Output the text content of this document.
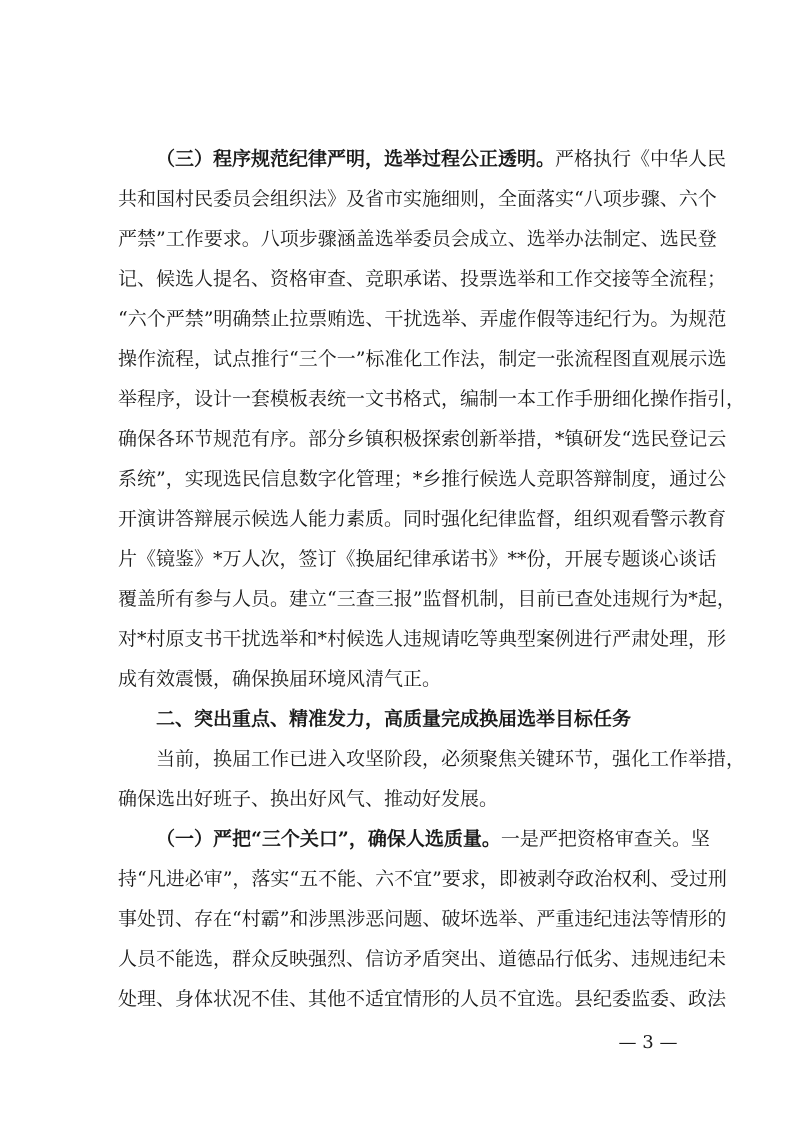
（三）程序规范纪律严明，选举过程公正透明。严格执行《中华人民
共和国村民委员会组织法》及省市实施细则，全面落实“八项步骤、六个
严禁”工作要求。八项步骤涵盖选举委员会成立、选举办法制定、选民登
记、候选人提名、资格审查、竞职承诺、投票选举和工作交接等全流程；
“六个严禁”明确禁止拉票贿选、干扰选举、弄虚作假等违纪行为。为规范
操作流程，试点推行“三个一”标准化工作法，制定一张流程图直观展示选
举程序，设计一套模板表统一文书格式，编制一本工作手册细化操作指引，
确保各环节规范有序。部分乡镇积极探索创新举措，*镇研发“选民登记云
系统”，实现选民信息数字化管理；*乡推行候选人竞职答辩制度，通过公
开演讲答辩展示候选人能力素质。同时强化纪律监督，组织观看警示教育
片《镜鉴》*万人次，签订《换届纪律承诺书》**份，开展专题谈心谈话
覆盖所有参与人员。建立“三查三报”监督机制，目前已查处违规行为*起，
对*村原支书干扰选举和*村候选人违规请吃等典型案例进行严肃处理，形
成有效震慑，确保换届环境风清气正。
二、突出重点、精准发力，高质量完成换届选举目标任务
当前，换届工作已进入攻坚阶段，必须聚焦关键环节，强化工作举措，
确保选出好班子、换出好风气、推动好发展。
（一）严把“三个关口”，确保人选质量。一是严把资格审查关。坚
持“凡进必审”，落实“五不能、六不宜”要求，即被剥夺政治权利、受过刑
事处罚、存在“村霸”和涉黑涉恶问题、破坏选举、严重违纪违法等情形的
人员不能选，群众反映强烈、信访矛盾突出、道德品行低劣、违规违纪未
处理、身体状况不佳、其他不适宜情形的人员不宜选。县纪委监委、政法
— 3 —
